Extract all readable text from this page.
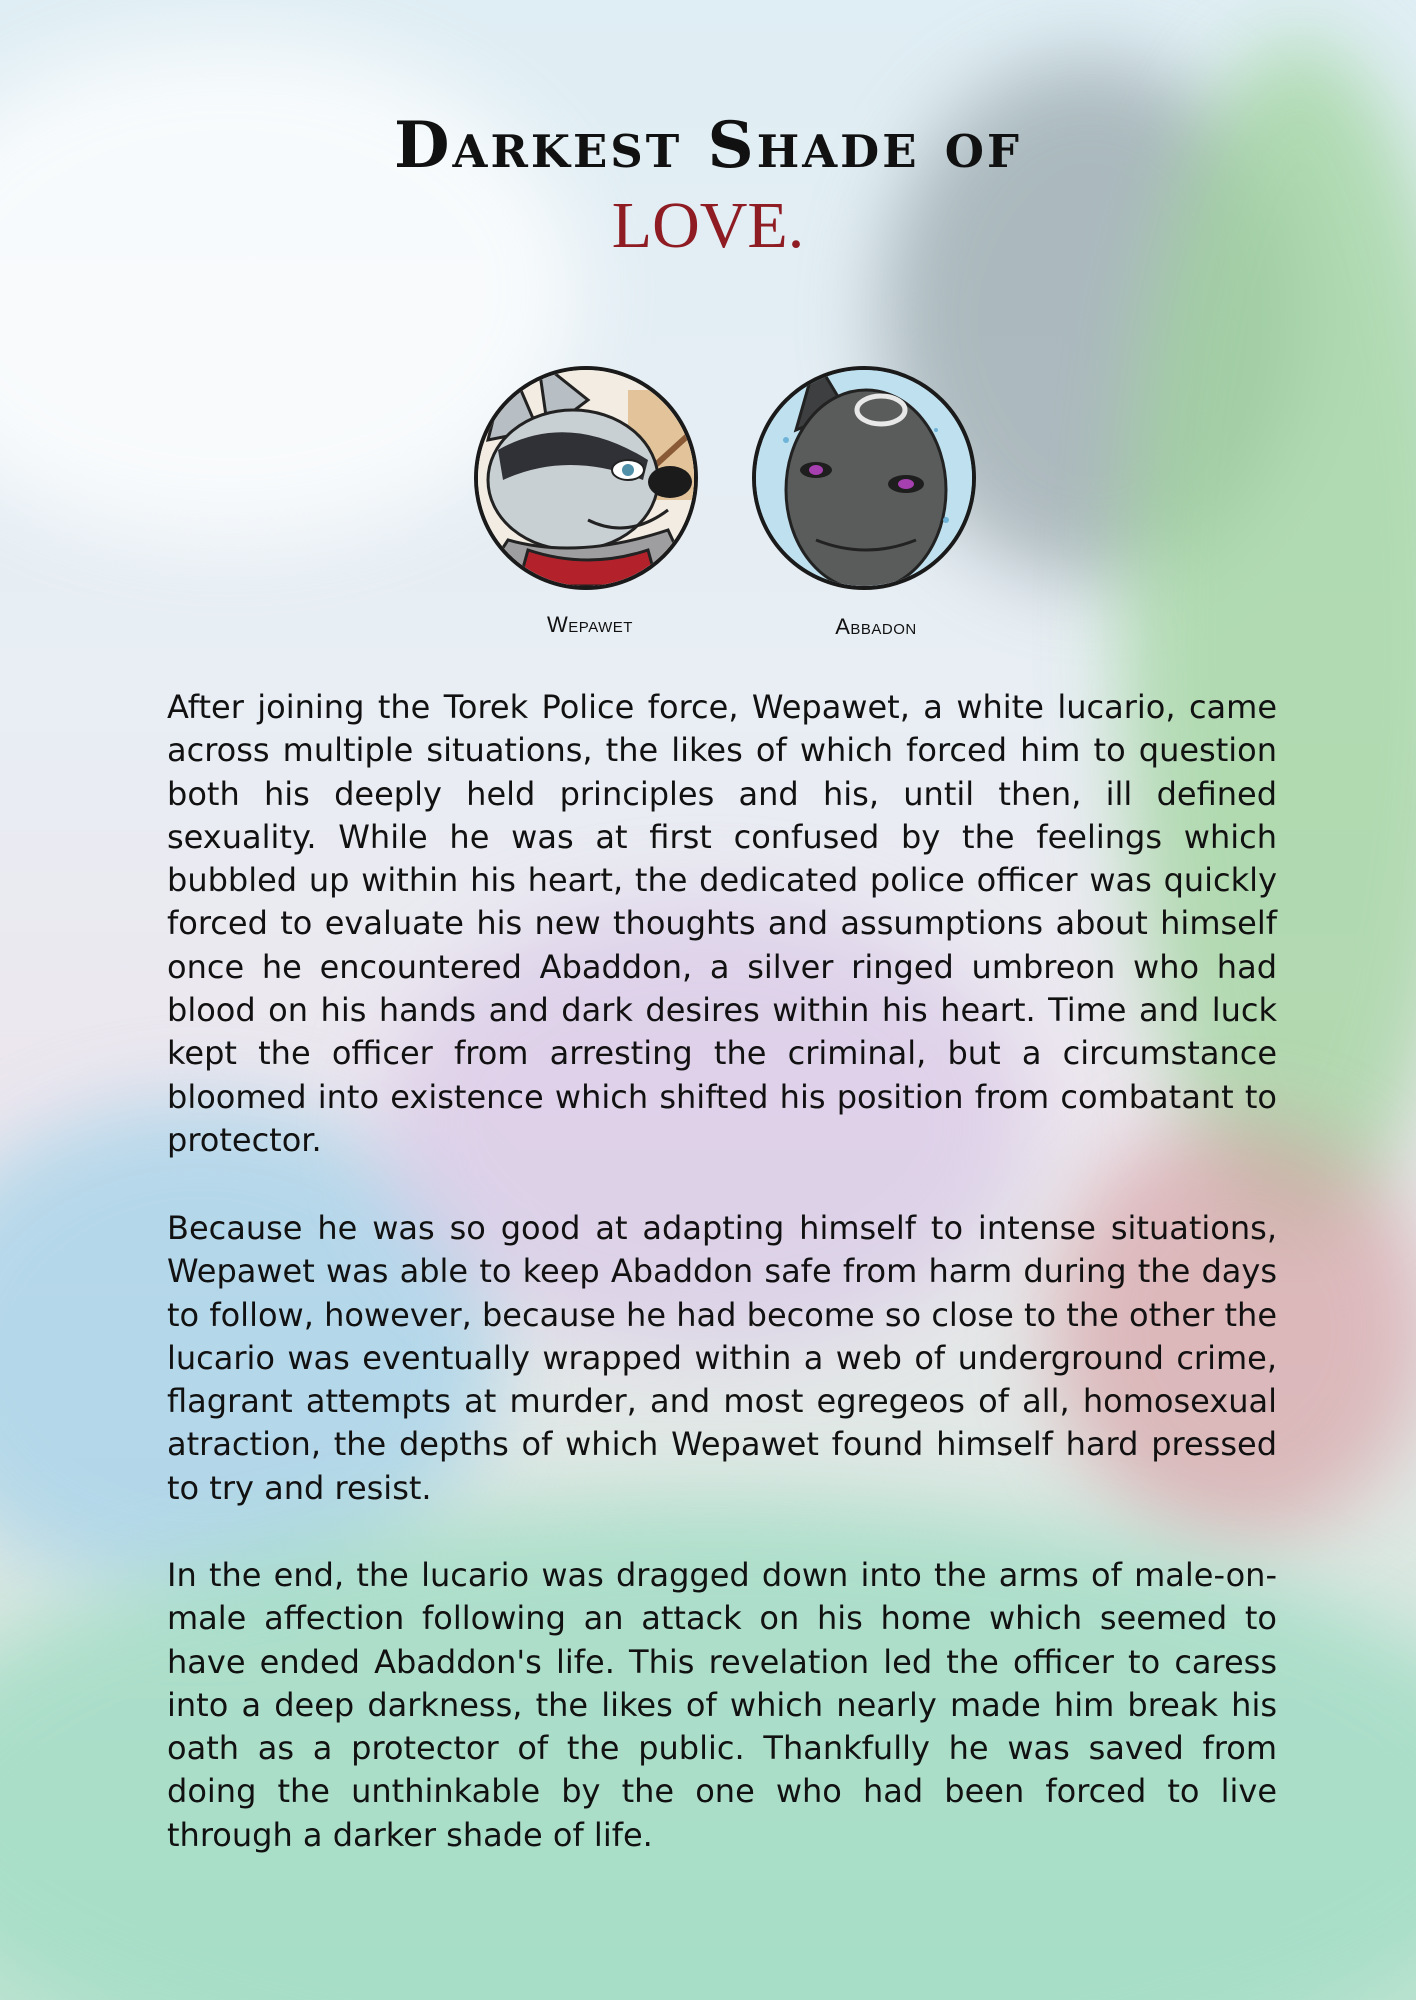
Darkest Shade of
LOVE.
Wepawet	Abbadon

After joining the Torek Police force, Wepawet, a white lucario, came across multiple situations, the likes of which forced him to question both his deeply held principles and his, until then, ill defined sexuality. While he was at first confused by the feelings which bubbled up within his heart, the dedicated police officer was quickly forced to evaluate his new thoughts and assumptions about himself once he encountered Abaddon, a silver ringed umbreon who had blood on his hands and dark desires within his heart. Time and luck kept the officer from arresting the criminal, but a circumstance bloomed into existence which shifted his position from combatant to protector.

Because he was so good at adapting himself to intense situations, Wepawet was able to keep Abaddon safe from harm during the days to follow, however, because he had become so close to the other the lucario was eventually wrapped within a web of underground crime, flagrant attempts at murder, and most egregeos of all, homosexual atraction, the depths of which Wepawet found himself hard pressed to try and resist.

In the end, the lucario was dragged down into the arms of male-on-male affection following an attack on his home which seemed to have ended Abaddon's life. This revelation led the officer to caress into a deep darkness, the likes of which nearly made him break his oath as a protector of the public. Thankfully he was saved from doing the unthinkable by the one who had been forced to live through a darker shade of life.
